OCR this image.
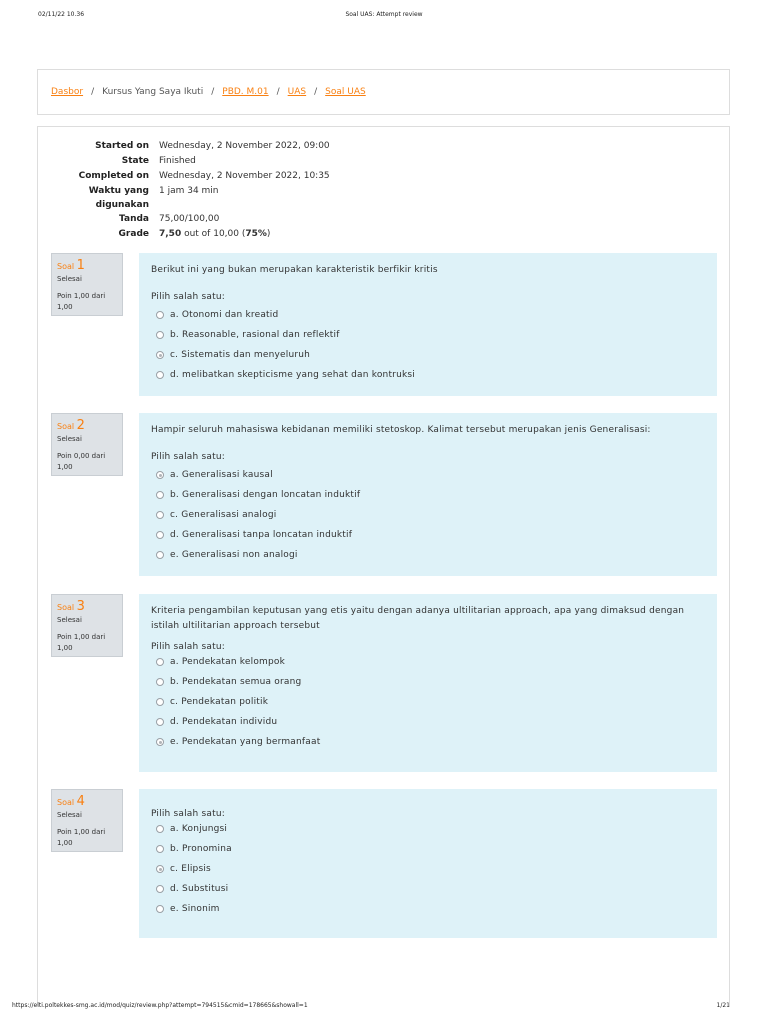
02/11/22 10.36	Soal UAS: Attempt review
Dasbor / Kursus Yang Saya Ikuti / PBD. M.01 / UAS / Soal UAS
Started on Wednesday, 2 November 2022, 09:00
State Finished
Completed on Wednesday, 2 November 2022, 10:35
Waktu yang digunakan
1 jam 34 min
Tanda 75,00/100,00
Grade 7,50 out of 10,00 (75%)
Soal 1
Selesai
Poin 1,00 dari 1,00
Berikut ini yang bukan merupakan karakteristik berfikir kritis
Pilih salah satu:
a. Otonomi dan kreatid
b. Reasonable, rasional dan reflektif
c. Sistematis dan menyeluruh
d. melibatkan skepticisme yang sehat dan kontruksi
Soal 2
Selesai
Poin 0,00 dari 1,00
Hampir seluruh mahasiswa kebidanan memiliki stetoskop. Kalimat tersebut merupakan jenis Generalisasi:
Pilih salah satu:
a. Generalisasi kausal
b. Generalisasi dengan loncatan induktif
c. Generalisasi analogi
d. Generalisasi tanpa loncatan induktif
e. Generalisasi non analogi
Soal 3
Selesai
Poin 1,00 dari 1,00
Kriteria pengambilan keputusan yang etis yaitu dengan adanya ultilitarian approach, apa yang dimaksud dengan istilah ultilitarian approach tersebut
Pilih salah satu:
a. Pendekatan kelompok
b. Pendekatan semua orang
c. Pendekatan politik
d. Pendekatan individu
e. Pendekatan yang bermanfaat
Soal 4
Selesai
Poin 1,00 dari 1,00
Pilih salah satu:
a. Konjungsi
b. Pronomina
c. Elipsis
d. Substitusi
e. Sinonim
https://elti.poltekkes-smg.ac.id/mod/quiz/review.php?attempt=794515&cmid=178665&showall=1	1/21
